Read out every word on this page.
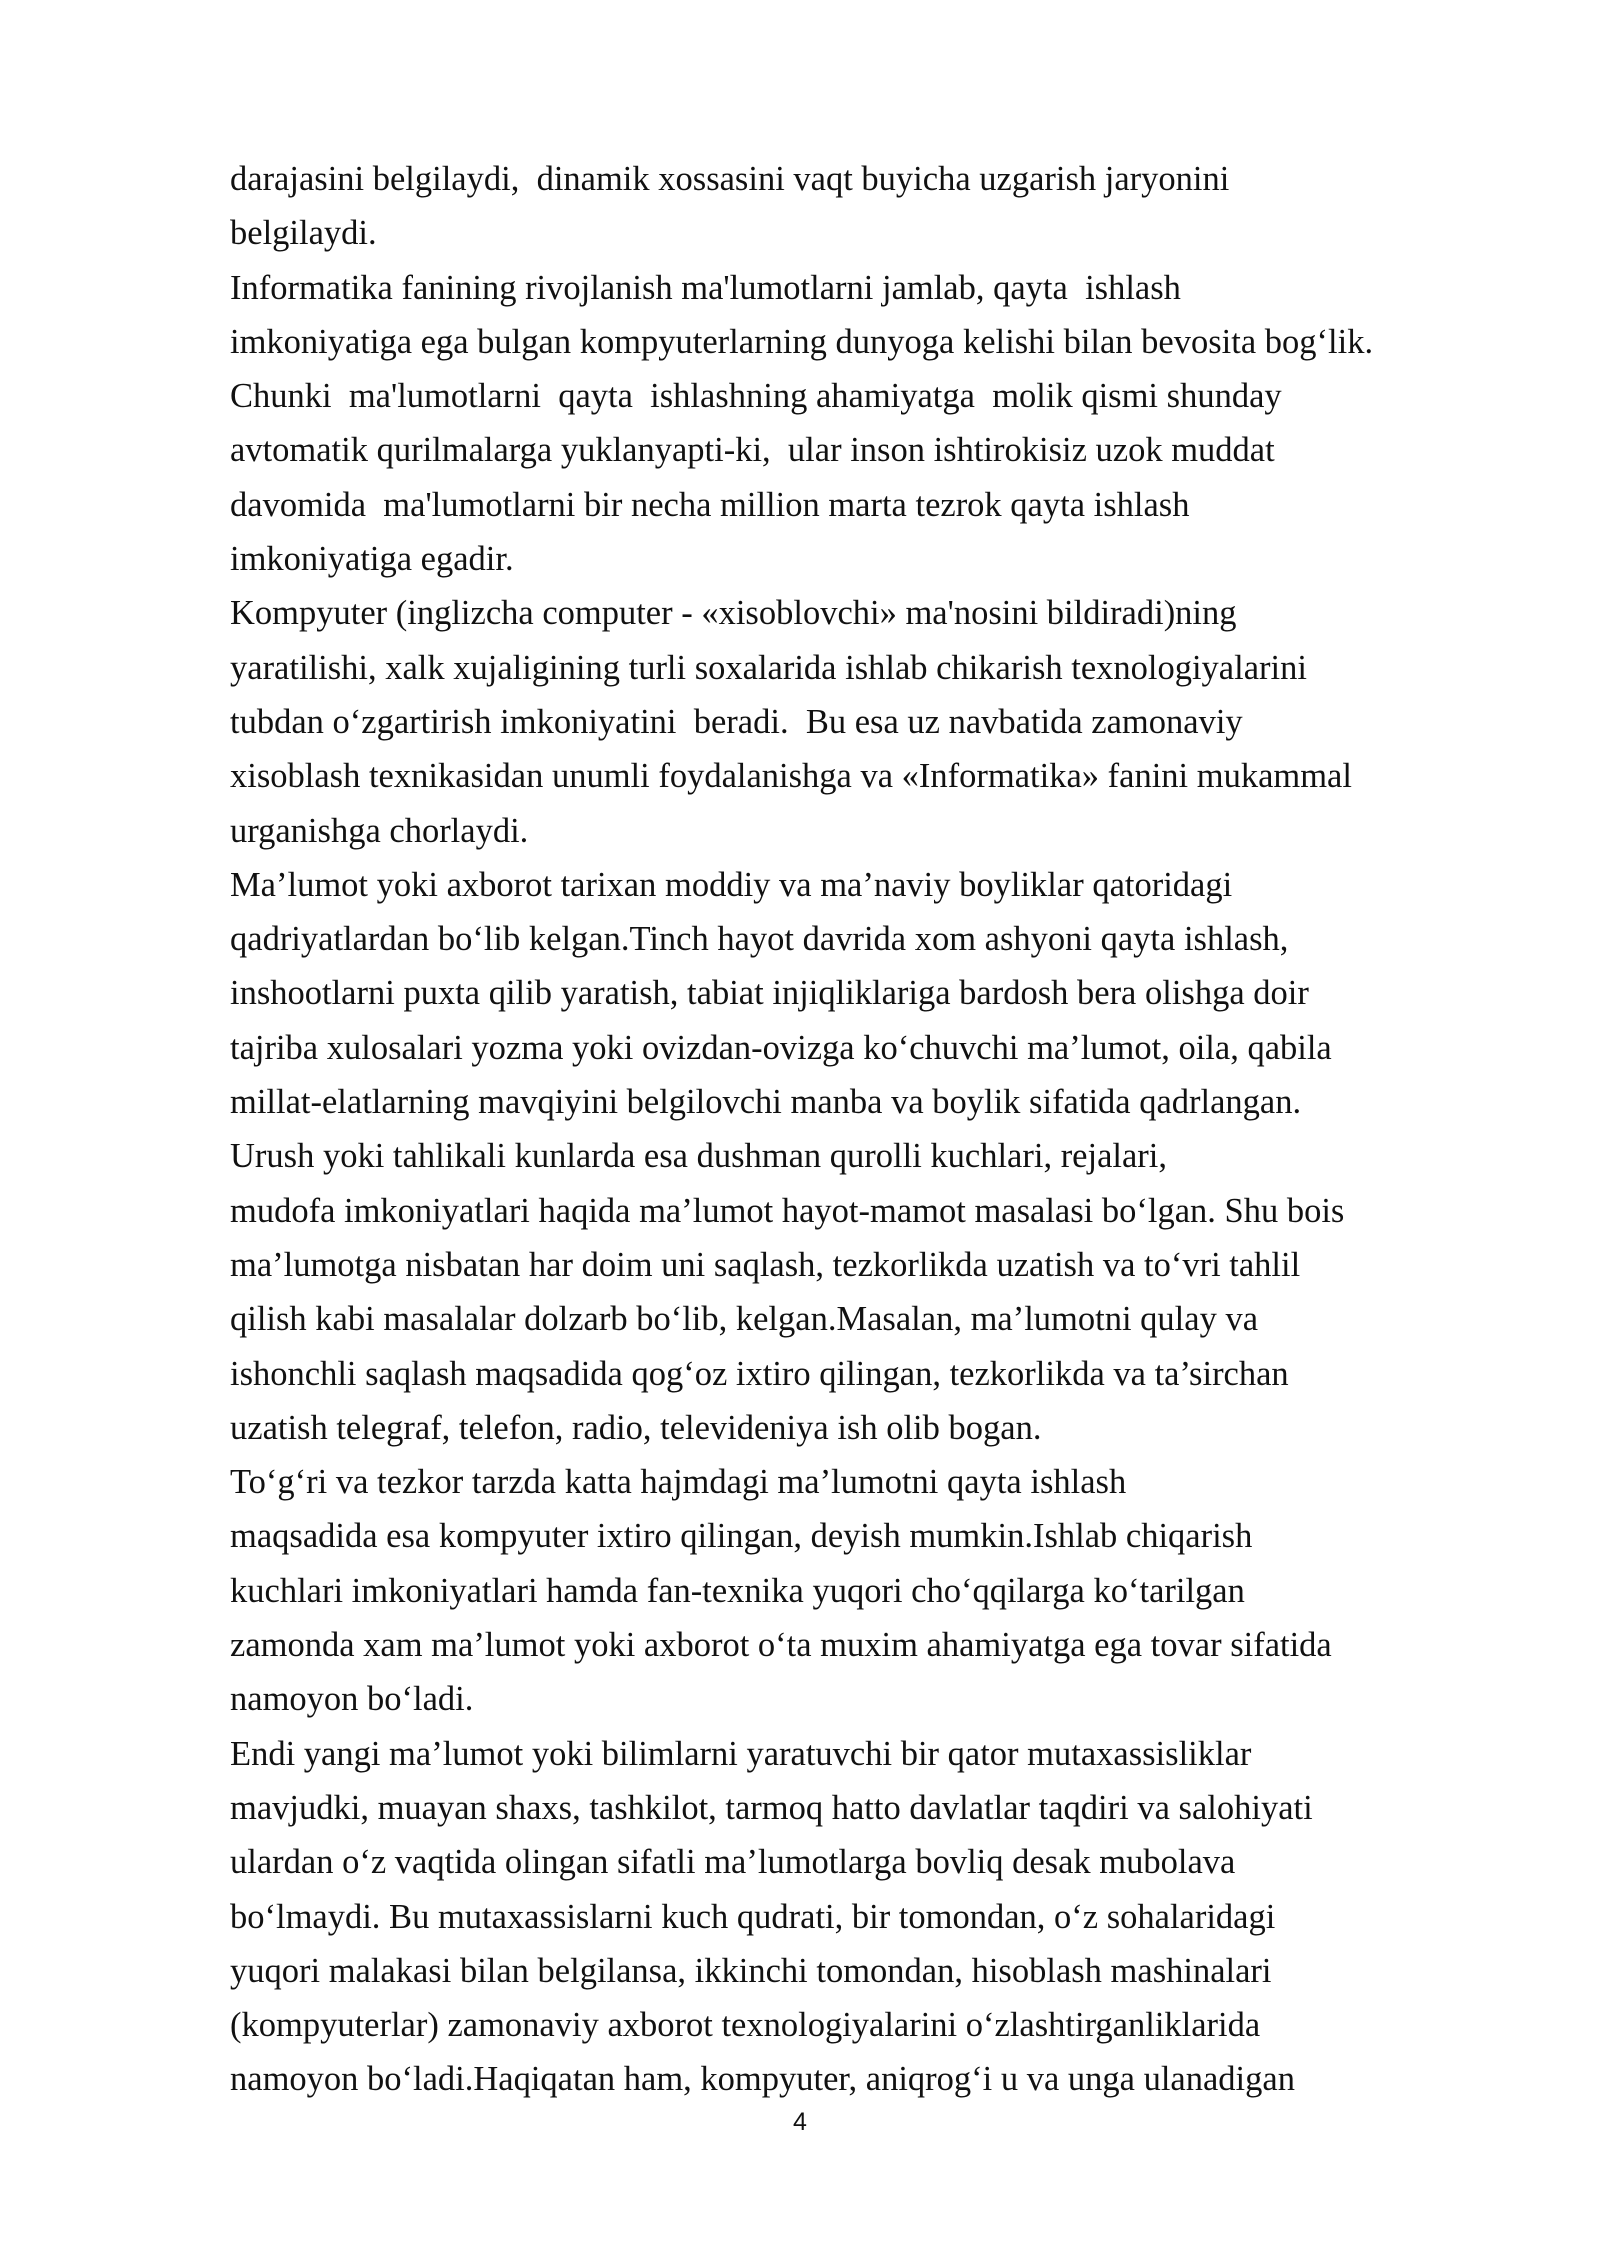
darajasini belgilaydi,  dinamik xossasini vaqt buyicha uzgarish jaryonini
belgilaydi.
Informatika fanining rivojlanish ma'lumotlarni jamlab, qayta  ishlash
imkoniyatiga ega bulgan kompyuterlarning dunyoga kelishi bilan bevosita bog‘lik.
Chunki  ma'lumotlarni  qayta  ishlashning ahamiyatga  molik qismi shunday
avtomatik qurilmalarga yuklanyapti-ki,  ular inson ishtirokisiz uzok muddat
davomida  ma'lumotlarni bir necha million marta tezrok qayta ishlash
imkoniyatiga egadir.
Kompyuter (inglizcha computer - «xisoblovchi» ma'nosini bildiradi)ning
yaratilishi, xalk xujaligining turli soxalarida ishlab chikarish texnologiyalarini
tubdan o‘zgartirish imkoniyatini  beradi.  Bu esa uz navbatida zamonaviy
xisoblash texnikasidan unumli foydalanishga va «Informatika» fanini mukammal
urganishga chorlaydi.
Ma’lumot yoki axborot tarixan moddiy va ma’naviy boyliklar qatoridagi
qadriyatlardan bo‘lib kelgan.Tinch hayot davrida xom ashyoni qayta ishlash,
inshootlarni puxta qilib yaratish, tabiat injiqliklariga bardosh bera olishga doir
tajriba xulosalari yozma yoki ovizdan-ovizga ko‘chuvchi ma’lumot, oila, qabila
millat-elatlarning mavqiyini belgilovchi manba va boylik sifatida qadrlangan.
Urush yoki tahlikali kunlarda esa dushman qurolli kuchlari, rejalari,
mudofa imkoniyatlari haqida ma’lumot hayot-mamot masalasi bo‘lgan. Shu bois
ma’lumotga nisbatan har doim uni saqlash, tezkorlikda uzatish va to‘vri tahlil
qilish kabi masalalar dolzarb bo‘lib, kelgan.Masalan, ma’lumotni qulay va
ishonchli saqlash maqsadida qog‘oz ixtiro qilingan, tezkorlikda va ta’sirchan
uzatish telegraf, telefon, radio, televideniya ish olib bogan.
To‘g‘ri va tezkor tarzda katta hajmdagi ma’lumotni qayta ishlash
maqsadida esa kompyuter ixtiro qilingan, deyish mumkin.Ishlab chiqarish
kuchlari imkoniyatlari hamda fan-texnika yuqori cho‘qqilarga ko‘tarilgan
zamonda xam ma’lumot yoki axborot o‘ta muxim ahamiyatga ega tovar sifatida
namoyon bo‘ladi.
Endi yangi ma’lumot yoki bilimlarni yaratuvchi bir qator mutaxassisliklar
mavjudki, muayan shaxs, tashkilot, tarmoq hatto davlatlar taqdiri va salohiyati
ulardan o‘z vaqtida olingan sifatli ma’lumotlarga bovliq desak mubolava
bo‘lmaydi. Bu mutaxassislarni kuch qudrati, bir tomondan, o‘z sohalaridagi
yuqori malakasi bilan belgilansa, ikkinchi tomondan, hisoblash mashinalari
(kompyuterlar) zamonaviy axborot texnologiyalarini o‘zlashtirganliklarida
namoyon bo‘ladi.Haqiqatan ham, kompyuter, aniqrog‘i u va unga ulanadigan
4
